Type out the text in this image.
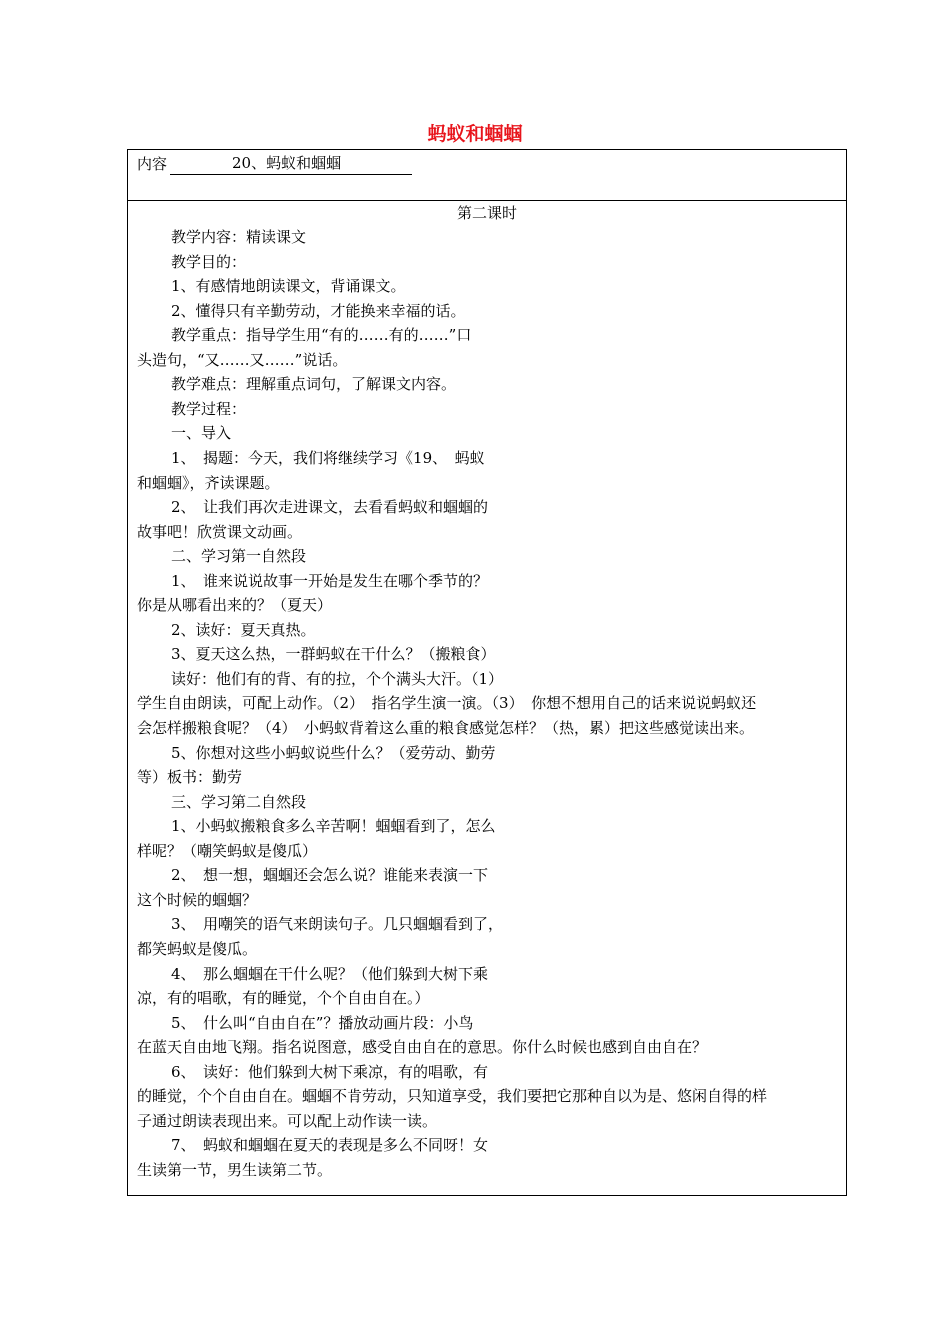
蚂蚁和蝈蝈
内容	20、蚂蚁和蝈蝈
第二课时
教学内容：精读课文
教学目的：
1、有感情地朗读课文，背诵课文。
2、懂得只有辛勤劳动，才能换来幸福的话。
教学重点：指导学生用“有的……有的……”口
头造句，“又……又……”说话。
教学难点：理解重点词句，了解课文内容。
教学过程：
一、导入
1、　揭题：今天，我们将继续学习《19、　蚂蚁
和蝈蝈》，齐读课题。
2、　让我们再次走进课文，去看看蚂蚁和蝈蝈的
故事吧！欣赏课文动画。
二、学习第一自然段
1、　谁来说说故事一开始是发生在哪个季节的？
你是从哪看出来的？（夏天）
2、读好：夏天真热。
3、夏天这么热，一群蚂蚁在干什么？（搬粮食）
读好：他们有的背、有的拉，个个满头大汗。（1）
学生自由朗读，可配上动作。（2）　指名学生演一演。（3）　你想不想用自己的话来说说蚂蚁还
会怎样搬粮食呢？（4）　小蚂蚁背着这么重的粮食感觉怎样？（热，累）把这些感觉读出来。
5、你想对这些小蚂蚁说些什么？（爱劳动、勤劳
等）板书：勤劳
三、学习第二自然段
1、小蚂蚁搬粮食多么辛苦啊！蝈蝈看到了，怎么
样呢？（嘲笑蚂蚁是傻瓜）
2、　想一想，蝈蝈还会怎么说？谁能来表演一下
这个时候的蝈蝈？
3、　用嘲笑的语气来朗读句子。几只蝈蝈看到了，
都笑蚂蚁是傻瓜。
4、　那么蝈蝈在干什么呢？（他们躲到大树下乘
凉，有的唱歌，有的睡觉，个个自由自在。）
5、　什么叫“自由自在”？播放动画片段：小鸟
在蓝天自由地飞翔。指名说图意，感受自由自在的意思。你什么时候也感到自由自在？
6、　读好：他们躲到大树下乘凉，有的唱歌，有
的睡觉，个个自由自在。蝈蝈不肯劳动，只知道享受，我们要把它那种自以为是、悠闲自得的样
子通过朗读表现出来。可以配上动作读一读。
7、　蚂蚁和蝈蝈在夏天的表现是多么不同呀！女
生读第一节，男生读第二节。
